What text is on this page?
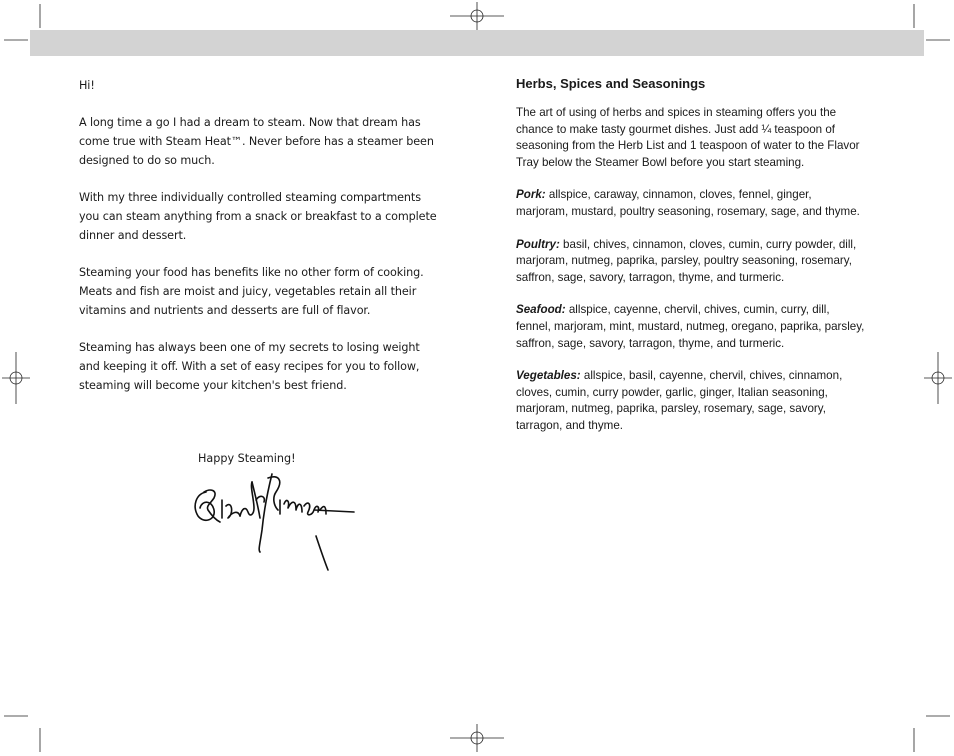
Hi!

A long time a go I had a dream to steam. Now that dream has come true with Steam Heat™. Never before has a steamer been designed to do so much.

With my three individually controlled steaming compartments you can steam anything from a snack or breakfast to a complete dinner and dessert.

Steaming your food has benefits like no other form of cooking. Meats and fish are moist and juicy, vegetables retain all their vitamins and nutrients and desserts are full of flavor.

Steaming has always been one of my secrets to losing weight and keeping it off. With a set of easy recipes for you to follow, steaming will become your kitchen's best friend.

Happy Steaming!
Herbs, Spices and Seasonings

The art of using of herbs and spices in steaming offers you the chance to make tasty gourmet dishes. Just add ¼ teaspoon of seasoning from the Herb List and 1 teaspoon of water to the Flavor Tray below the Steamer Bowl before you start steaming.

Pork: allspice, caraway, cinnamon, cloves, fennel, ginger, marjoram, mustard, poultry seasoning, rosemary, sage, and thyme.

Poultry: basil, chives, cinnamon, cloves, cumin, curry powder, dill, marjoram, nutmeg, paprika, parsley, poultry seasoning, rosemary, saffron, sage, savory, tarragon, thyme, and turmeric.

Seafood: allspice, cayenne, chervil, chives, cumin, curry, dill, fennel, marjoram, mint, mustard, nutmeg, oregano, paprika, parsley, saffron, sage, savory, tarragon, thyme, and turmeric.

Vegetables: allspice, basil, cayenne, chervil, chives, cinnamon, cloves, cumin, curry powder, garlic, ginger, Italian seasoning, marjoram, nutmeg, paprika, parsley, rosemary, sage, savory, tarragon, and thyme.
